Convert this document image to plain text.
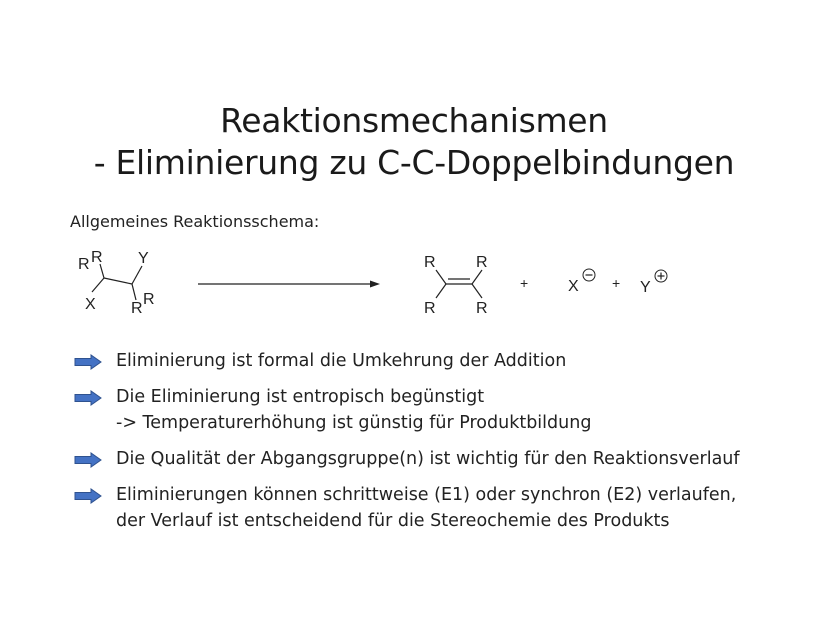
Reaktionsmechanismen
- Eliminierung zu C-C-Doppelbindungen
Allgemeines Reaktionsschema:
R R Y
X R
R
R	R
R	R
+ X + Y
Eliminierung ist formal die Umkehrung der Addition
Die Eliminierung ist entropisch begünstigt
-> Temperaturerhöhung ist günstig für Produktbildung
Die Qualität der Abgangsgruppe(n) ist wichtig für den Reaktionsverlauf
Eliminierungen können schrittweise (E1) oder synchron (E2) verlaufen,
der Verlauf ist entscheidend für die Stereochemie des Produkts
